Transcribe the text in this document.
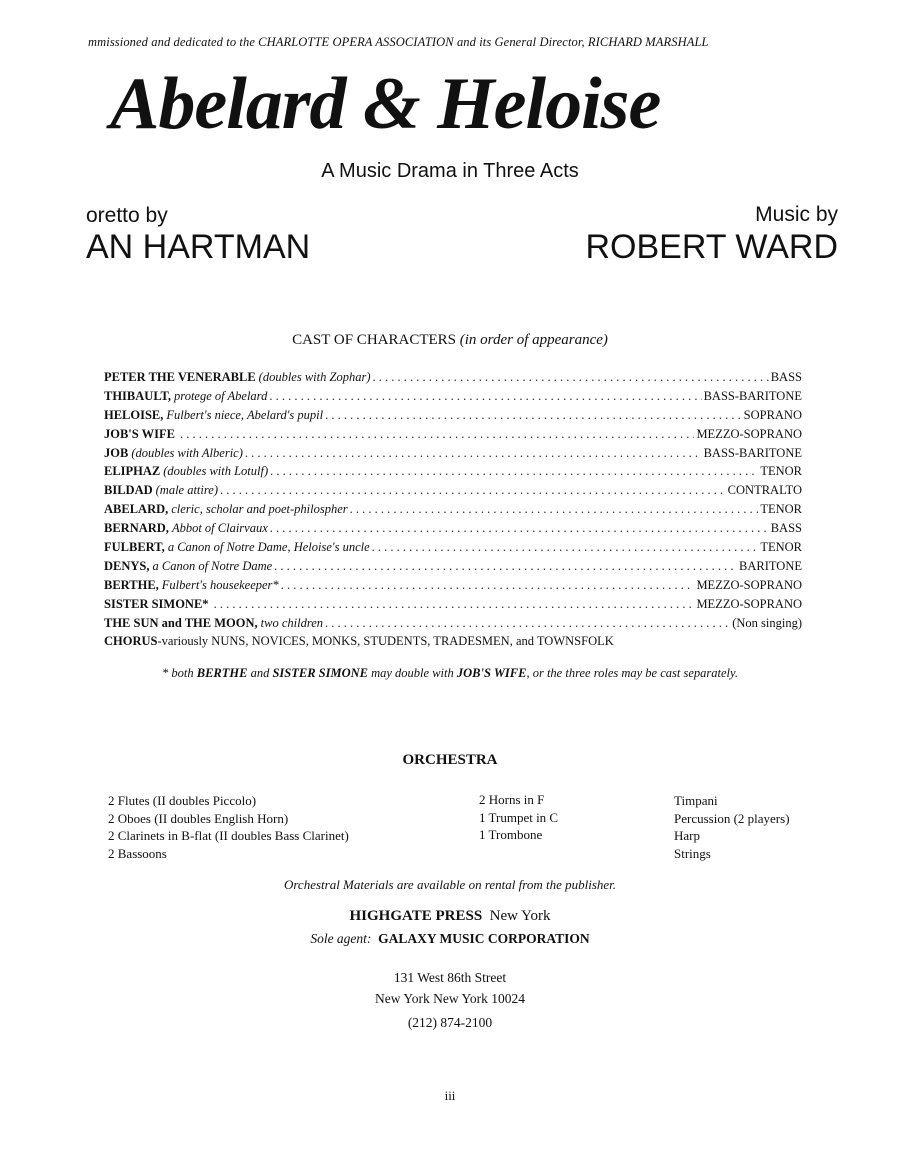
mmissioned and dedicated to the CHARLOTTE OPERA ASSOCIATION and its General Director, RICHARD MARSHALL
Abelard & Heloise
A Music Drama in Three Acts
oretto by
AN HARTMAN
Music by
ROBERT WARD
CAST OF CHARACTERS (in order of appearance)
PETER THE VENERABLE (doubles with Zophar) . . .	BASS
THIBAULT, protege of Abelard . . .	BASS-BARITONE
HELOISE, Fulbert's niece, Abelard's pupil . . .	SOPRANO
JOB'S WIFE . . .	MEZZO-SOPRANO
JOB (doubles with Alberic) . . .	BASS-BARITONE
ELIPHAZ (doubles with Lotulf) . . .	TENOR
BILDAD (male attire) . . .	CONTRALTO
ABELARD, cleric, scholar and poet-philospher . . .	TENOR
BERNARD, Abbot of Clairvaux . . .	BASS
FULBERT, a Canon of Notre Dame, Heloise's uncle . . .	TENOR
DENYS, a Canon of Notre Dame . . .	BARITONE
BERTHE, Fulbert's housekeeper* . . .	MEZZO-SOPRANO
SISTER SIMONE* . . .	MEZZO-SOPRANO
THE SUN and THE MOON, two children . . .	(Non singing)
CHORUS-variously NUNS, NOVICES, MONKS, STUDENTS, TRADESMEN, and TOWNSFOLK
* both BERTHE and SISTER SIMONE may double with JOB'S WIFE, or the three roles may be cast separately.
ORCHESTRA
2 Flutes (II doubles Piccolo)
2 Oboes (II doubles English Horn)
2 Clarinets in B-flat (II doubles Bass Clarinet)
2 Bassoons
2 Horns in F
1 Trumpet in C
1 Trombone
Timpani
Percussion (2 players)
Harp
Strings
Orchestral Materials are available on rental from the publisher.
HIGHGATE PRESS New York
Sole agent: GALAXY MUSIC CORPORATION
131 West 86th Street
New York New York 10024
(212) 874-2100
iii
